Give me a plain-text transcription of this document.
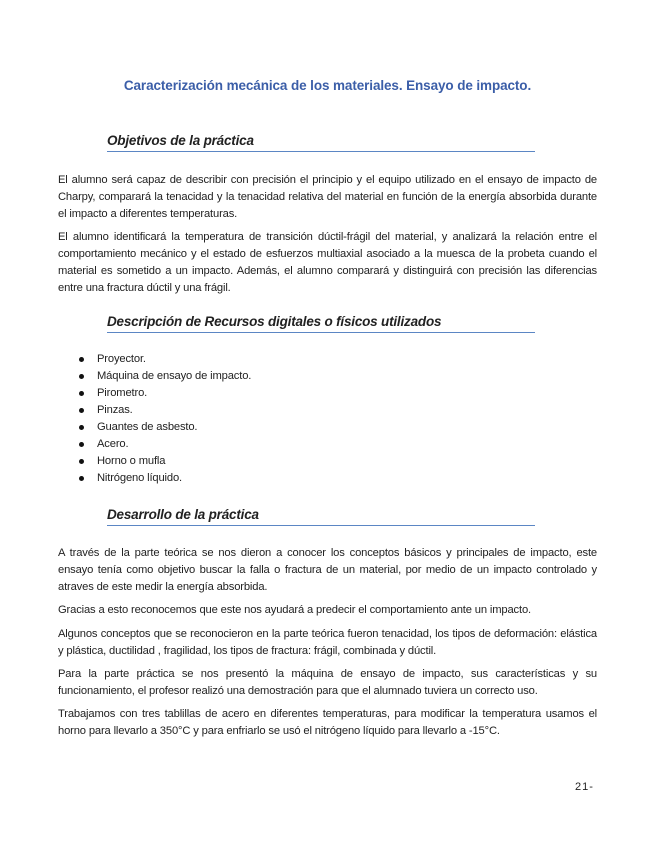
Caracterización mecánica de los materiales. Ensayo de impacto.
Objetivos de la práctica
El alumno será capaz de describir con precisión el principio y el equipo utilizado en el ensayo de impacto de Charpy, comparará la tenacidad y la tenacidad relativa del material en función de la energía absorbida durante el impacto a diferentes temperaturas.
El alumno identificará la temperatura de transición dúctil-frágil del material, y analizará la relación entre el comportamiento mecánico y el estado de esfuerzos multiaxial asociado a la muesca de la probeta cuando el material es sometido a un impacto. Además, el alumno comparará y distinguirá con precisión las diferencias entre una fractura dúctil y una frágil.
Descripción de Recursos digitales o físicos utilizados
Proyector.
Máquina de ensayo de impacto.
Pirometro.
Pinzas.
Guantes de asbesto.
Acero.
Horno o mufla
Nitrógeno líquido.
Desarrollo de la práctica
A través de la parte teórica se nos dieron a conocer los conceptos básicos y principales de impacto, este ensayo tenía como objetivo buscar la falla o fractura de un material, por medio de un impacto controlado y atraves de este medir la energía absorbida.
Gracias a esto reconocemos que este nos ayudará a predecir el comportamiento ante un impacto.
Algunos conceptos que se reconocieron en la parte teórica fueron tenacidad, los tipos de deformación: elástica y plástica, ductilidad , fragilidad, los tipos de fractura: frágil, combinada y dúctil.
Para la parte práctica se nos presentó la máquina de ensayo de impacto, sus características y su funcionamiento, el profesor realizó una demostración para que el alumnado tuviera un correcto uso.
Trabajamos con tres tablillas de acero en diferentes temperaturas, para modificar la temperatura usamos el horno para llevarlo a 350°C y para enfriarlo se usó el nitrógeno líquido para llevarlo a -15°C.
21-
